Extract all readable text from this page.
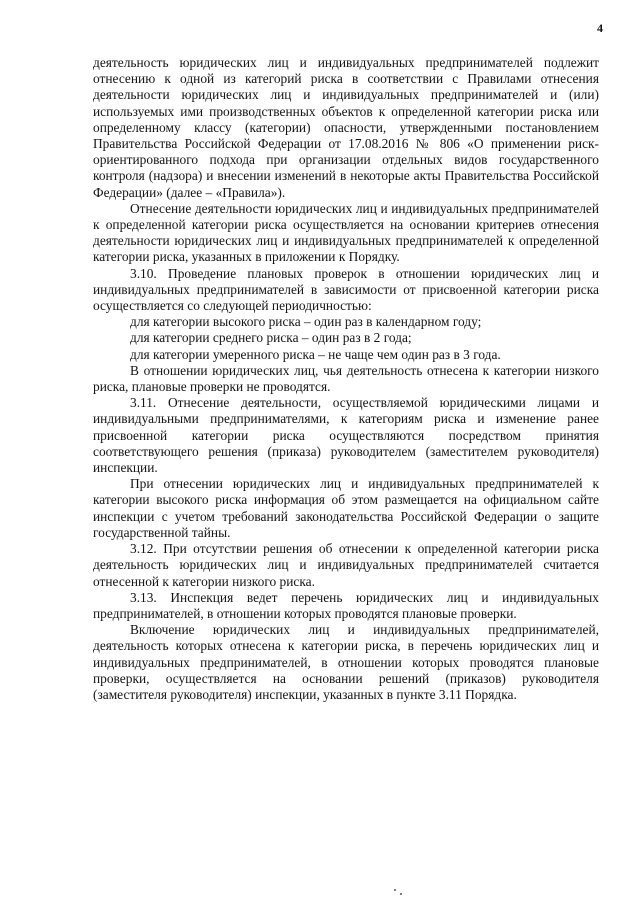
4

деятельность юридических лиц и индивидуальных предпринимателей подлежит отнесению к одной из категорий риска в соответствии с Правилами отнесения деятельности юридических лиц и индивидуальных предпринимателей и (или) используемых ими производственных объектов к определенной категории риска или определенному классу (категории) опасности, утвержденными постановлением Правительства Российской Федерации от 17.08.2016 № 806 «О применении риск-ориентированного подхода при организации отдельных видов государственного контроля (надзора) и внесении изменений в некоторые акты Правительства Российской Федерации» (далее – «Правила»).

Отнесение деятельности юридических лиц и индивидуальных предпринимателей к определенной категории риска осуществляется на основании критериев отнесения деятельности юридических лиц и индивидуальных предпринимателей к определенной категории риска, указанных в приложении к Порядку.

3.10. Проведение плановых проверок в отношении юридических лиц и индивидуальных предпринимателей в зависимости от присвоенной категории риска осуществляется со следующей периодичностью:

для категории высокого риска – один раз в календарном году;

для категории среднего риска – один раз в 2 года;

для категории умеренного риска – не чаще чем один раз в 3 года.

В отношении юридических лиц, чья деятельность отнесена к категории низкого риска, плановые проверки не проводятся.

3.11. Отнесение деятельности, осуществляемой юридическими лицами и индивидуальными предпринимателями, к категориям риска и изменение ранее присвоенной категории риска осуществляются посредством принятия соответствующего решения (приказа) руководителем (заместителем руководителя) инспекции.

При отнесении юридических лиц и индивидуальных предпринимателей к категории высокого риска информация об этом размещается на официальном сайте инспекции с учетом требований законодательства Российской Федерации о защите государственной тайны.

3.12. При отсутствии решения об отнесении к определенной категории риска деятельность юридических лиц и индивидуальных предпринимателей считается отнесенной к категории низкого риска.

3.13. Инспекция ведет перечень юридических лиц и индивидуальных предпринимателей, в отношении которых проводятся плановые проверки.

Включение юридических лиц и индивидуальных предпринимателей, деятельность которых отнесена к категории риска, в перечень юридических лиц и индивидуальных предпринимателей, в отношении которых проводятся плановые проверки, осуществляется на основании решений (приказов) руководителя (заместителя руководителя) инспекции, указанных в пункте 3.11 Порядка.
